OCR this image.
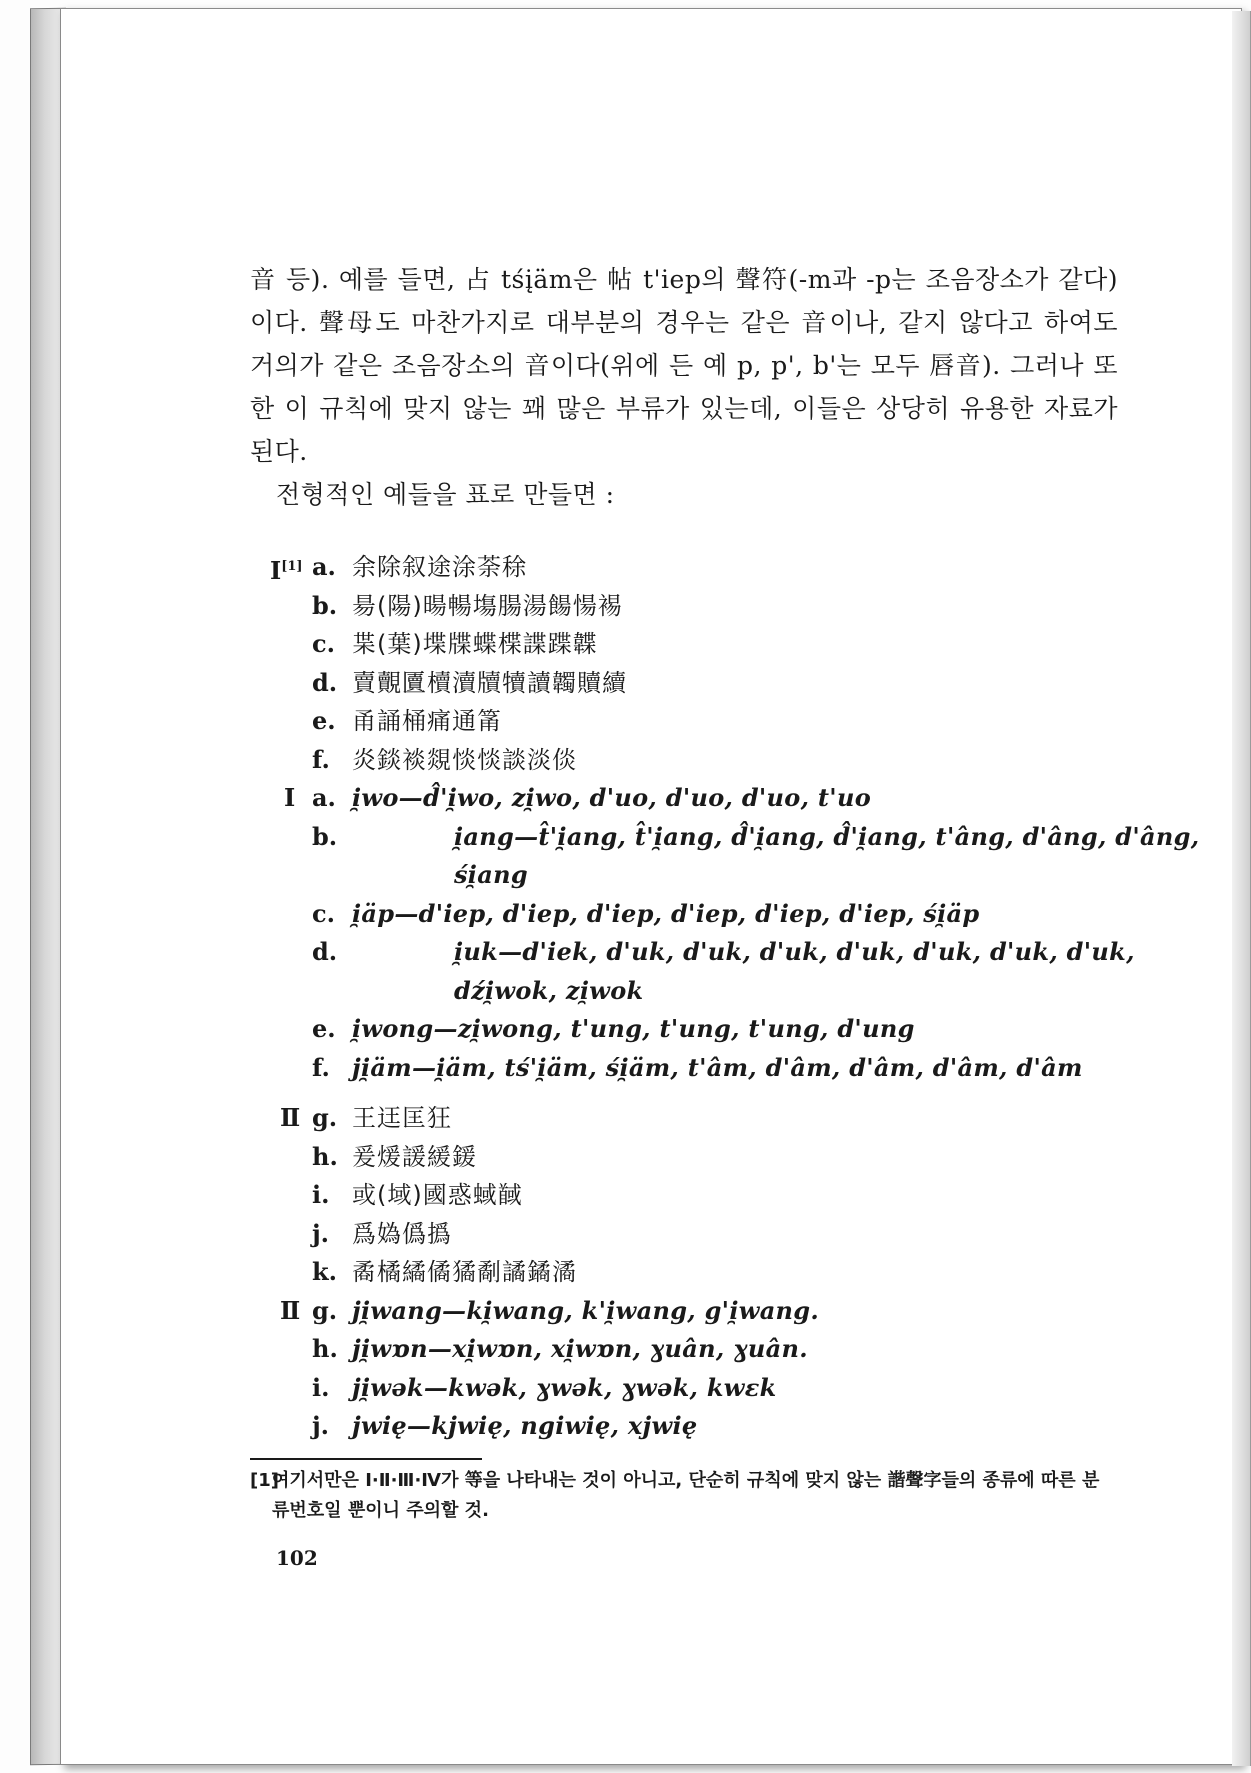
音 등). 예를 들면, 占 tśįäm은 帖 t'iep의 聲符(-m과 -p는 조음장소가 같다)이다. 聲母도 마찬가지로 대부분의 경우는 같은 音이나, 같지 않다고 하여도 거의가 같은 조음장소의 音이다(위에 든 예 p, p', b'는 모두 唇音). 그러나 또한 이 규칙에 맞지 않는 꽤 많은 부류가 있는데, 이들은 상당히 유용한 자료가 된다.

전형적인 예들을 표로 만들면 :

I[1] a. 余除叙途涂荼稌
b. 昜(陽)暘暢塲腸湯餳愓裼
c. 枼(葉)堞牒蝶楪諜蹀韘
d. 賣覿匵櫝瀆牘犢讀韣贖續
e. 甬誦桶痛通筩
f. 炎錟裧覢惔惔談淡倓
I a. i̯wo—d̂'i̯wo, zi̯wo, d'uo, d'uo, d'uo, t'uo
b.	i̯ang—t̂'i̯ang, t̂'i̯ang, d̂'i̯ang, d̂'i̯ang, t'âng, d'âng, d'âng, śi̯ang
c. i̯äp—d'iep, d'iep, d'iep, d'iep, d'iep, d'iep, śi̯äp
d.	i̯uk—d'iek, d'uk, d'uk, d'uk, d'uk, d'uk, d'uk, d'uk, dźi̯wok, zi̯wok
e. i̯wong—zi̯wong, t'ung, t'ung, t'ung, d'ung
f. ji̯äm—i̯äm, tś'i̯äm, śi̯äm, t'âm, d'âm, d'âm, d'âm, d'âm
Ⅱ g. 王迋匡狂
h. 爰煖諼緩鍰
i. 或(域)國惑蜮馘
j. 爲媯僞撝
k. 矞橘繘僪獝劀譎鐍潏
Ⅱ g. ji̯wang—ki̯wang, k'i̯wang, g'i̯wang.
h. ji̯wɒn—xi̯wɒn, xi̯wɒn, ɣuân, ɣuân.
i. ji̯wək—kwək, ɣwək, ɣwək, kwɛk
j. jwię—kjwię, ngiwię, xjwię
[1]
여기서만은 Ⅰ·Ⅱ·Ⅲ·Ⅳ가 等을 나타내는 것이 아니고, 단순히 규칙에 맞지 않는 諧聲字들의 종류에 따른 분류번호일 뿐이니 주의할 것.
102
